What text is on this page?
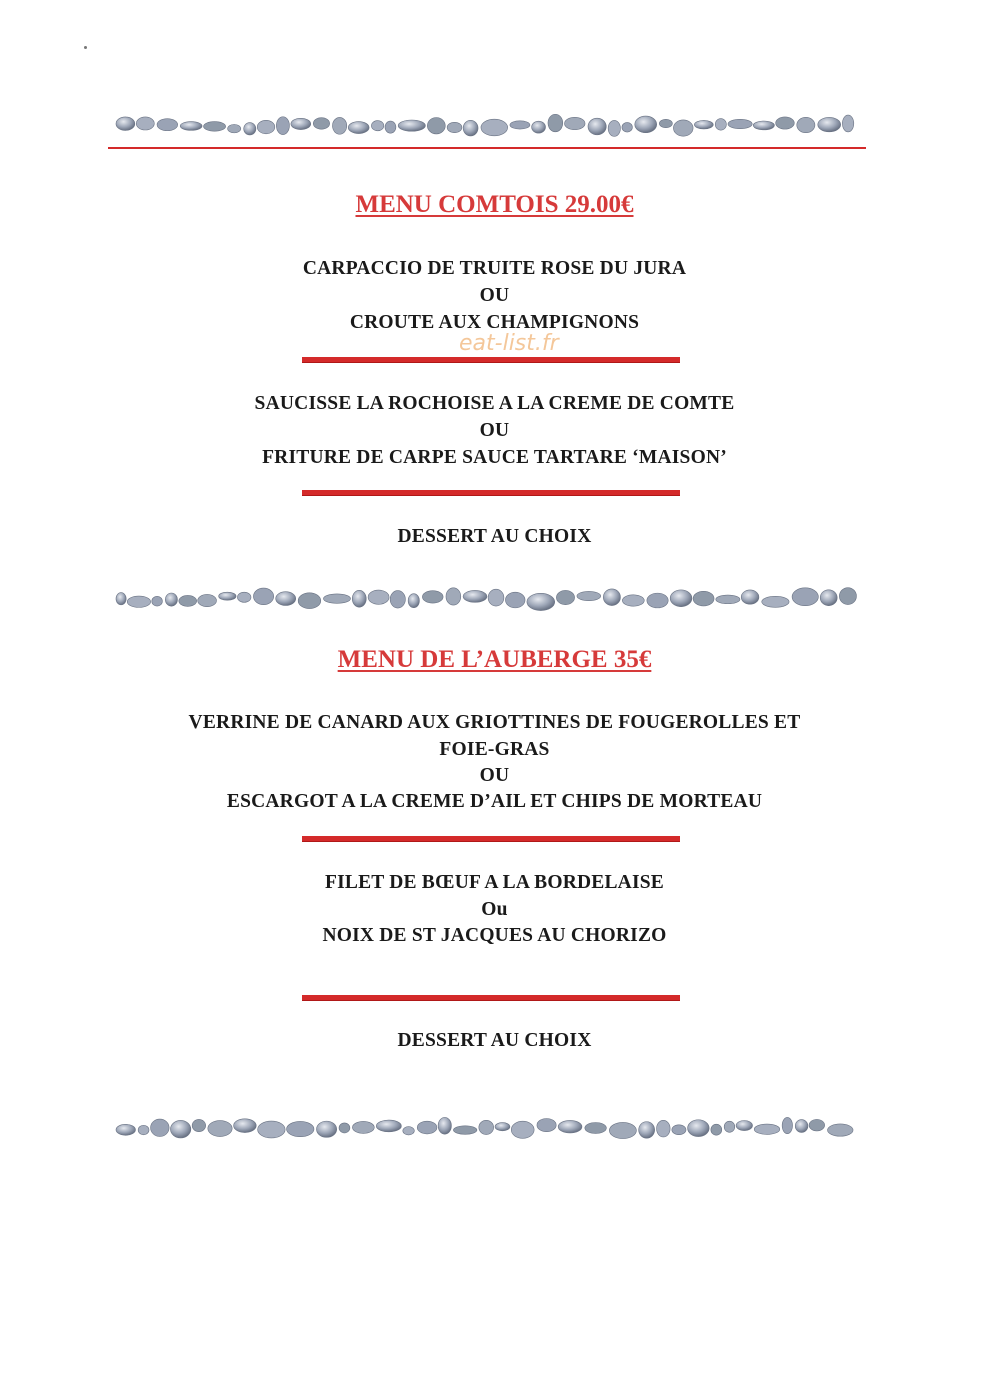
MENU COMTOIS 29.00€
CARPACCIO DE TRUITE ROSE DU JURA
OU
CROUTE AUX CHAMPIGNONS
eat-list.fr
SAUCISSE LA ROCHOISE A LA CREME DE COMTE
OU
FRITURE DE CARPE SAUCE TARTARE ‘MAISON’
DESSERT AU CHOIX
MENU DE L’AUBERGE 35€
VERRINE DE CANARD AUX GRIOTTINES DE FOUGEROLLES ET
FOIE-GRAS
OU
ESCARGOT A LA CREME D’AIL ET CHIPS DE MORTEAU
FILET DE BŒUF A LA BORDELAISE
Ou
NOIX DE ST JACQUES AU CHORIZO
DESSERT AU CHOIX
